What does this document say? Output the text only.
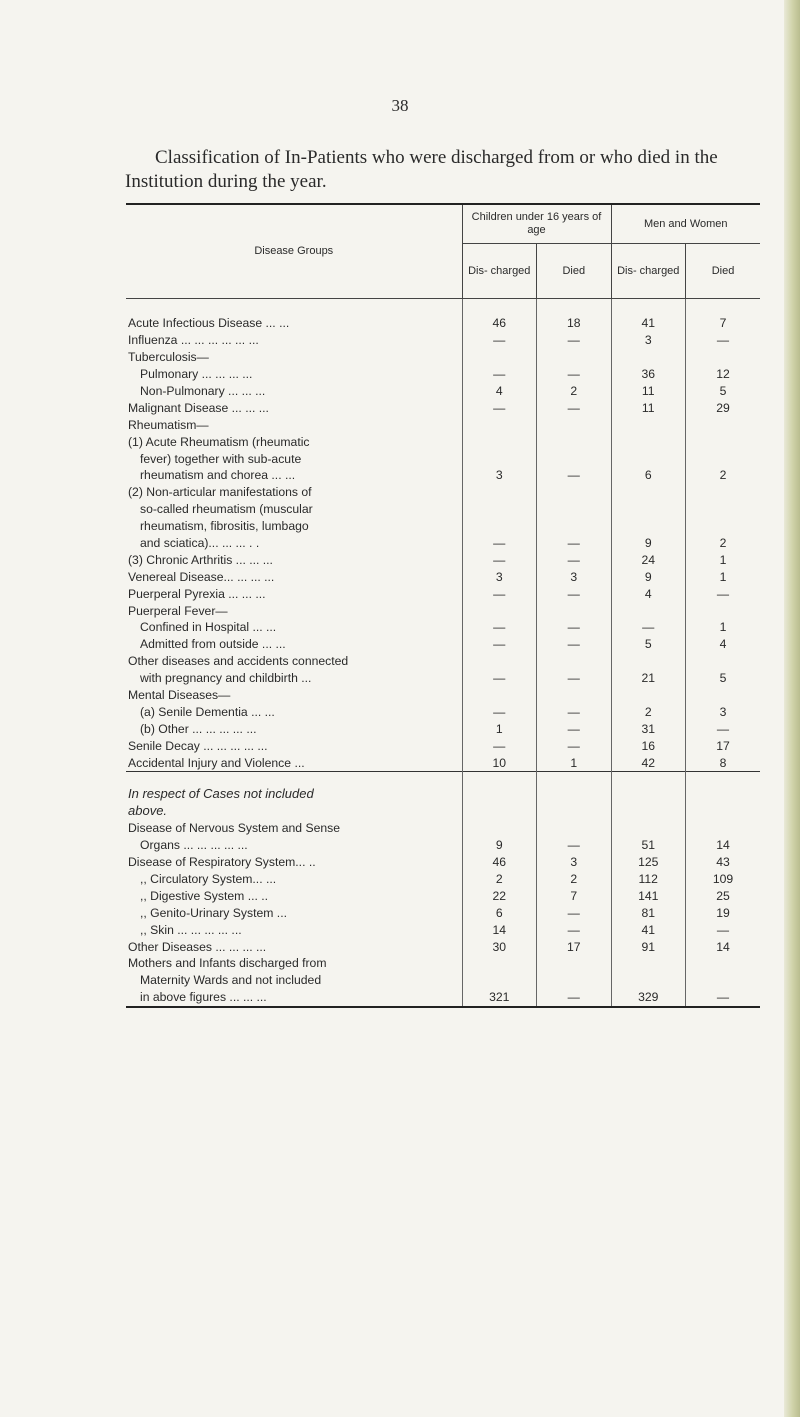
38
Classification of In-Patients who were discharged from or who died in the Institution during the year.

Disease Groups	Children under 16 years of age		Men and Women	
	Dis- charged	Died	Dis- charged	Died

Acute Infectious Disease ... ...	46	18	41	7
Influenza ... ... ... ... ... ...	—	—	3	—
Tuberculosis—				
Pulmonary ... ... ... ...	—	—	36	12
Non-Pulmonary ... ... ...	4	2	11	5
Malignant Disease ... ... ...	—	—	11	29
Rheumatism—				
(1) Acute Rheumatism (rheumatic				
fever) together with sub-acute				
rheumatism and chorea ... ...	3	—	6	2
(2) Non-articular manifestations of				
so-called rheumatism (muscular				
rheumatism, fibrositis, lumbago				
and sciatica)... ... ... . .	—	—	9	2
(3) Chronic Arthritis ... ... ...	—	—	24	1
Venereal Disease... ... ... ...	3	3	9	1
Puerperal Pyrexia ... ... ...	—	—	4	—
Puerperal Fever—				
Confined in Hospital ... ...	—	—	—	1
Admitted from outside ... ...	—	—	5	4
Other diseases and accidents connected				
with pregnancy and childbirth ...	—	—	21	5
Mental Diseases—				
(a) Senile Dementia ... ...	—	—	2	3
(b) Other ... ... ... ... ...	1	—	31	—
Senile Decay ... ... ... ... ...	—	—	16	17
Accidental Injury and Violence ...	10	1	42	8

In respect of Cases not included				
above.				
Disease of Nervous System and Sense				
Organs ... ... ... ... ...	9	—	51	14
Disease of Respiratory System... ..	46	3	125	43
,, Circulatory System... ...	2	2	112	109
,, Digestive System ... ..	22	7	141	25
,, Genito-Urinary System ...	6	—	81	19
,, Skin ... ... ... ... ...	14	—	41	—
Other Diseases ... ... ... ...	30	17	91	14
Mothers and Infants discharged from				
Maternity Wards and not included				
in above figures ... ... ...	321	—	329	—
